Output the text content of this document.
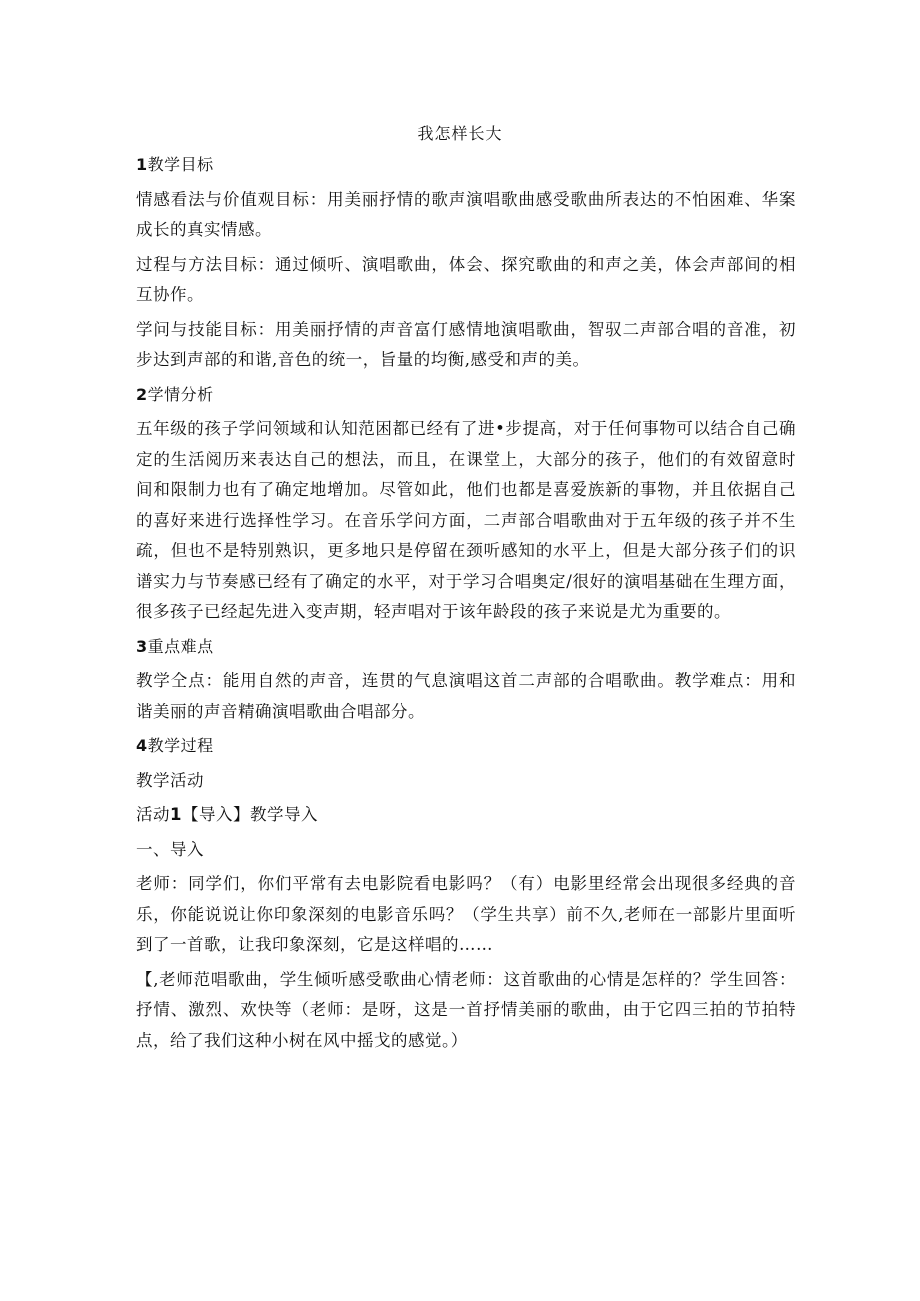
我怎样长大
1教学目标

情感看法与价值观目标：用美丽抒情的歌声演唱歌曲感受歌曲所表达的不怕困难、华案成长的真实情感。

过程与方法目标：通过倾听、演唱歌曲，体会、探究歌曲的和声之美，体会声部间的相互协作。

学问与技能目标：用美丽抒情的声音富仃感情地演唱歌曲，智驭二声部合唱的音准，初步达到声部的和谐,音色的统一，旨量的均衡,感受和声的美。

2学情分析

五年级的孩子学问领域和认知范困都已经有了进•步提高，对于任何事物可以结合自己确定的生活阅历来表达自己的想法，而且，在课堂上，大部分的孩子，他们的有效留意时间和限制力也有了确定地增加。尽管如此，他们也都是喜爱族新的事物，并且依据自己的喜好来进行选择性学习。在音乐学问方面，二声部合唱歌曲对于五年级的孩子并不生疏，但也不是特别熟识，更多地只是停留在颈听感知的水平上，但是大部分孩子们的识谱实力与节奏感已经有了确定的水平，对于学习合唱奥定/很好的演唱基础在生理方面，很多孩子已经起先进入变声期，轻声唱对于该年龄段的孩子来说是尤为重要的。

3重点难点

教学仝点：能用自然的声音，连贯的气息演唱这首二声部的合唱歌曲。教学难点：用和谐美丽的声音精确演唱歌曲合唱部分。

4教学过程
教学活动
活动1【导入】教学导入
一、导入

老师：同学们，你们平常有去电影院看电影吗？（有）电影里经常会出现很多经典的音乐，你能说说让你印象深刻的电影音乐吗？（学生共享）前不久,老师在一部影片里面听到了一首歌，让我印象深刻，它是这样唱的……

【,老师范唱歌曲，学生倾听感受歌曲心情老师：这首歌曲的心情是怎样的？学生回答：抒情、激烈、欢快等（老师：是呀，这是一首抒情美丽的歌曲，由于它四三拍的节拍特点，给了我们这种小树在风中摇戈的感觉。）
